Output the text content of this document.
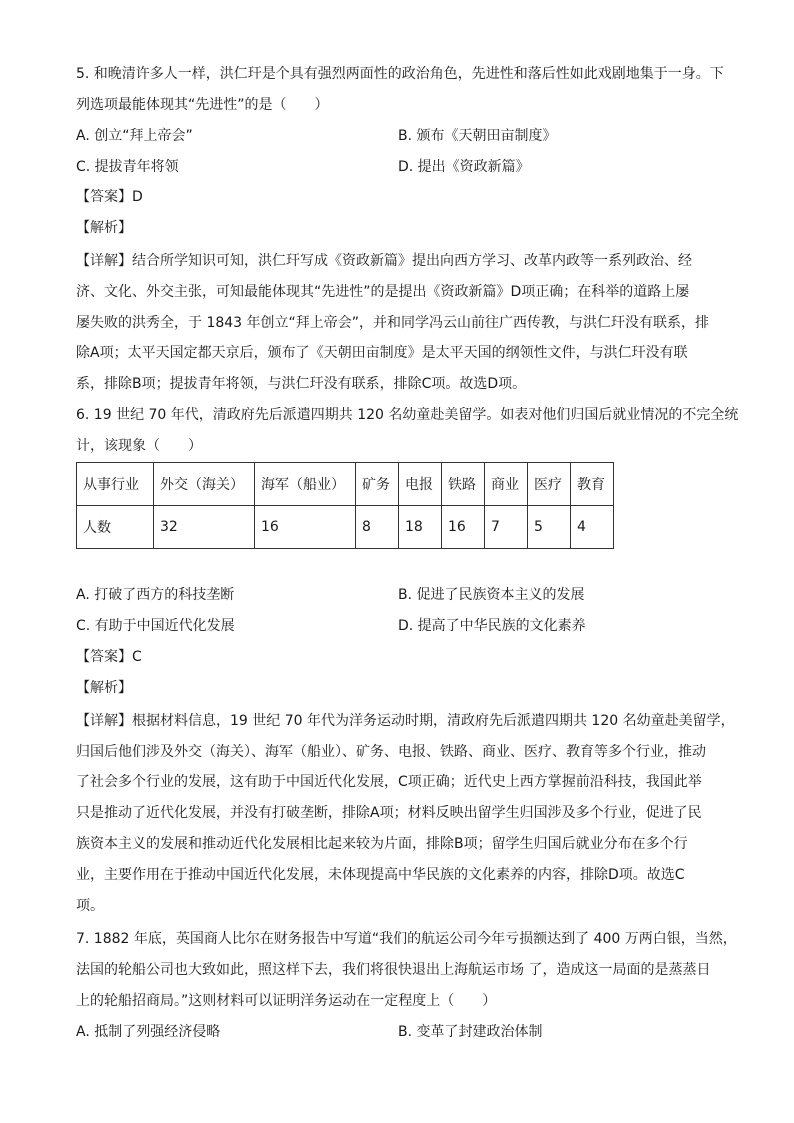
5. 和晚清许多人一样，洪仁玕是个具有强烈两面性的政治角色，先进性和落后性如此戏剧地集于一身。下
列选项最能体现其“先进性”的是（　　）
A. 创立“拜上帝会”	B. 颁布《天朝田亩制度》
C. 提拔青年将领	D. 提出《资政新篇》
【答案】D
【解析】
【详解】结合所学知识可知，洪仁玕写成《资政新篇》提出向西方学习、改革内政等一系列政治、经
济、文化、外交主张，可知最能体现其“先进性”的是提出《资政新篇》D项正确；在科举的道路上屡
屡失败的洪秀全，于 1843 年创立“拜上帝会”，并和同学冯云山前往广西传教，与洪仁玕没有联系，排
除A项；太平天国定都天京后，颁布了《天朝田亩制度》是太平天国的纲领性文件，与洪仁玕没有联
系，排除B项；提拔青年将领，与洪仁玕没有联系，排除C项。故选D项。
6. 19 世纪 70 年代，清政府先后派遣四期共 120 名幼童赴美留学。如表对他们归国后就业情况的不完全统
计，该现象（　　）
从事行业	外交（海关）	海军（船业）	矿务	电报	铁路	商业	医疗	教育
人数	32	16	8	18	16	7	5	4
A. 打破了西方的科技垄断	B. 促进了民族资本主义的发展
C. 有助于中国近代化发展	D. 提高了中华民族的文化素养
【答案】C
【解析】
【详解】根据材料信息，19 世纪 70 年代为洋务运动时期，清政府先后派遣四期共 120 名幼童赴美留学，
归国后他们涉及外交（海关）、海军（船业）、矿务、电报、铁路、商业、医疗、教育等多个行业，推动
了社会多个行业的发展，这有助于中国近代化发展，C项正确；近代史上西方掌握前沿科技，我国此举
只是推动了近代化发展，并没有打破垄断，排除A项；材料反映出留学生归国涉及多个行业，促进了民
族资本主义的发展和推动近代化发展相比起来较为片面，排除B项；留学生归国后就业分布在多个行
业，主要作用在于推动中国近代化发展，未体现提高中华民族的文化素养的内容，排除D项。故选C
项。
7. 1882 年底，英国商人比尔在财务报告中写道“我们的航运公司今年亏损额达到了 400 万两白银，当然，
法国的轮船公司也大致如此，照这样下去，我们将很快退出上海航运市场 了，造成这一局面的是蒸蒸日
上的轮船招商局。”这则材料可以证明洋务运动在一定程度上（　　）
A. 抵制了列强经济侵略	B. 变革了封建政治体制
